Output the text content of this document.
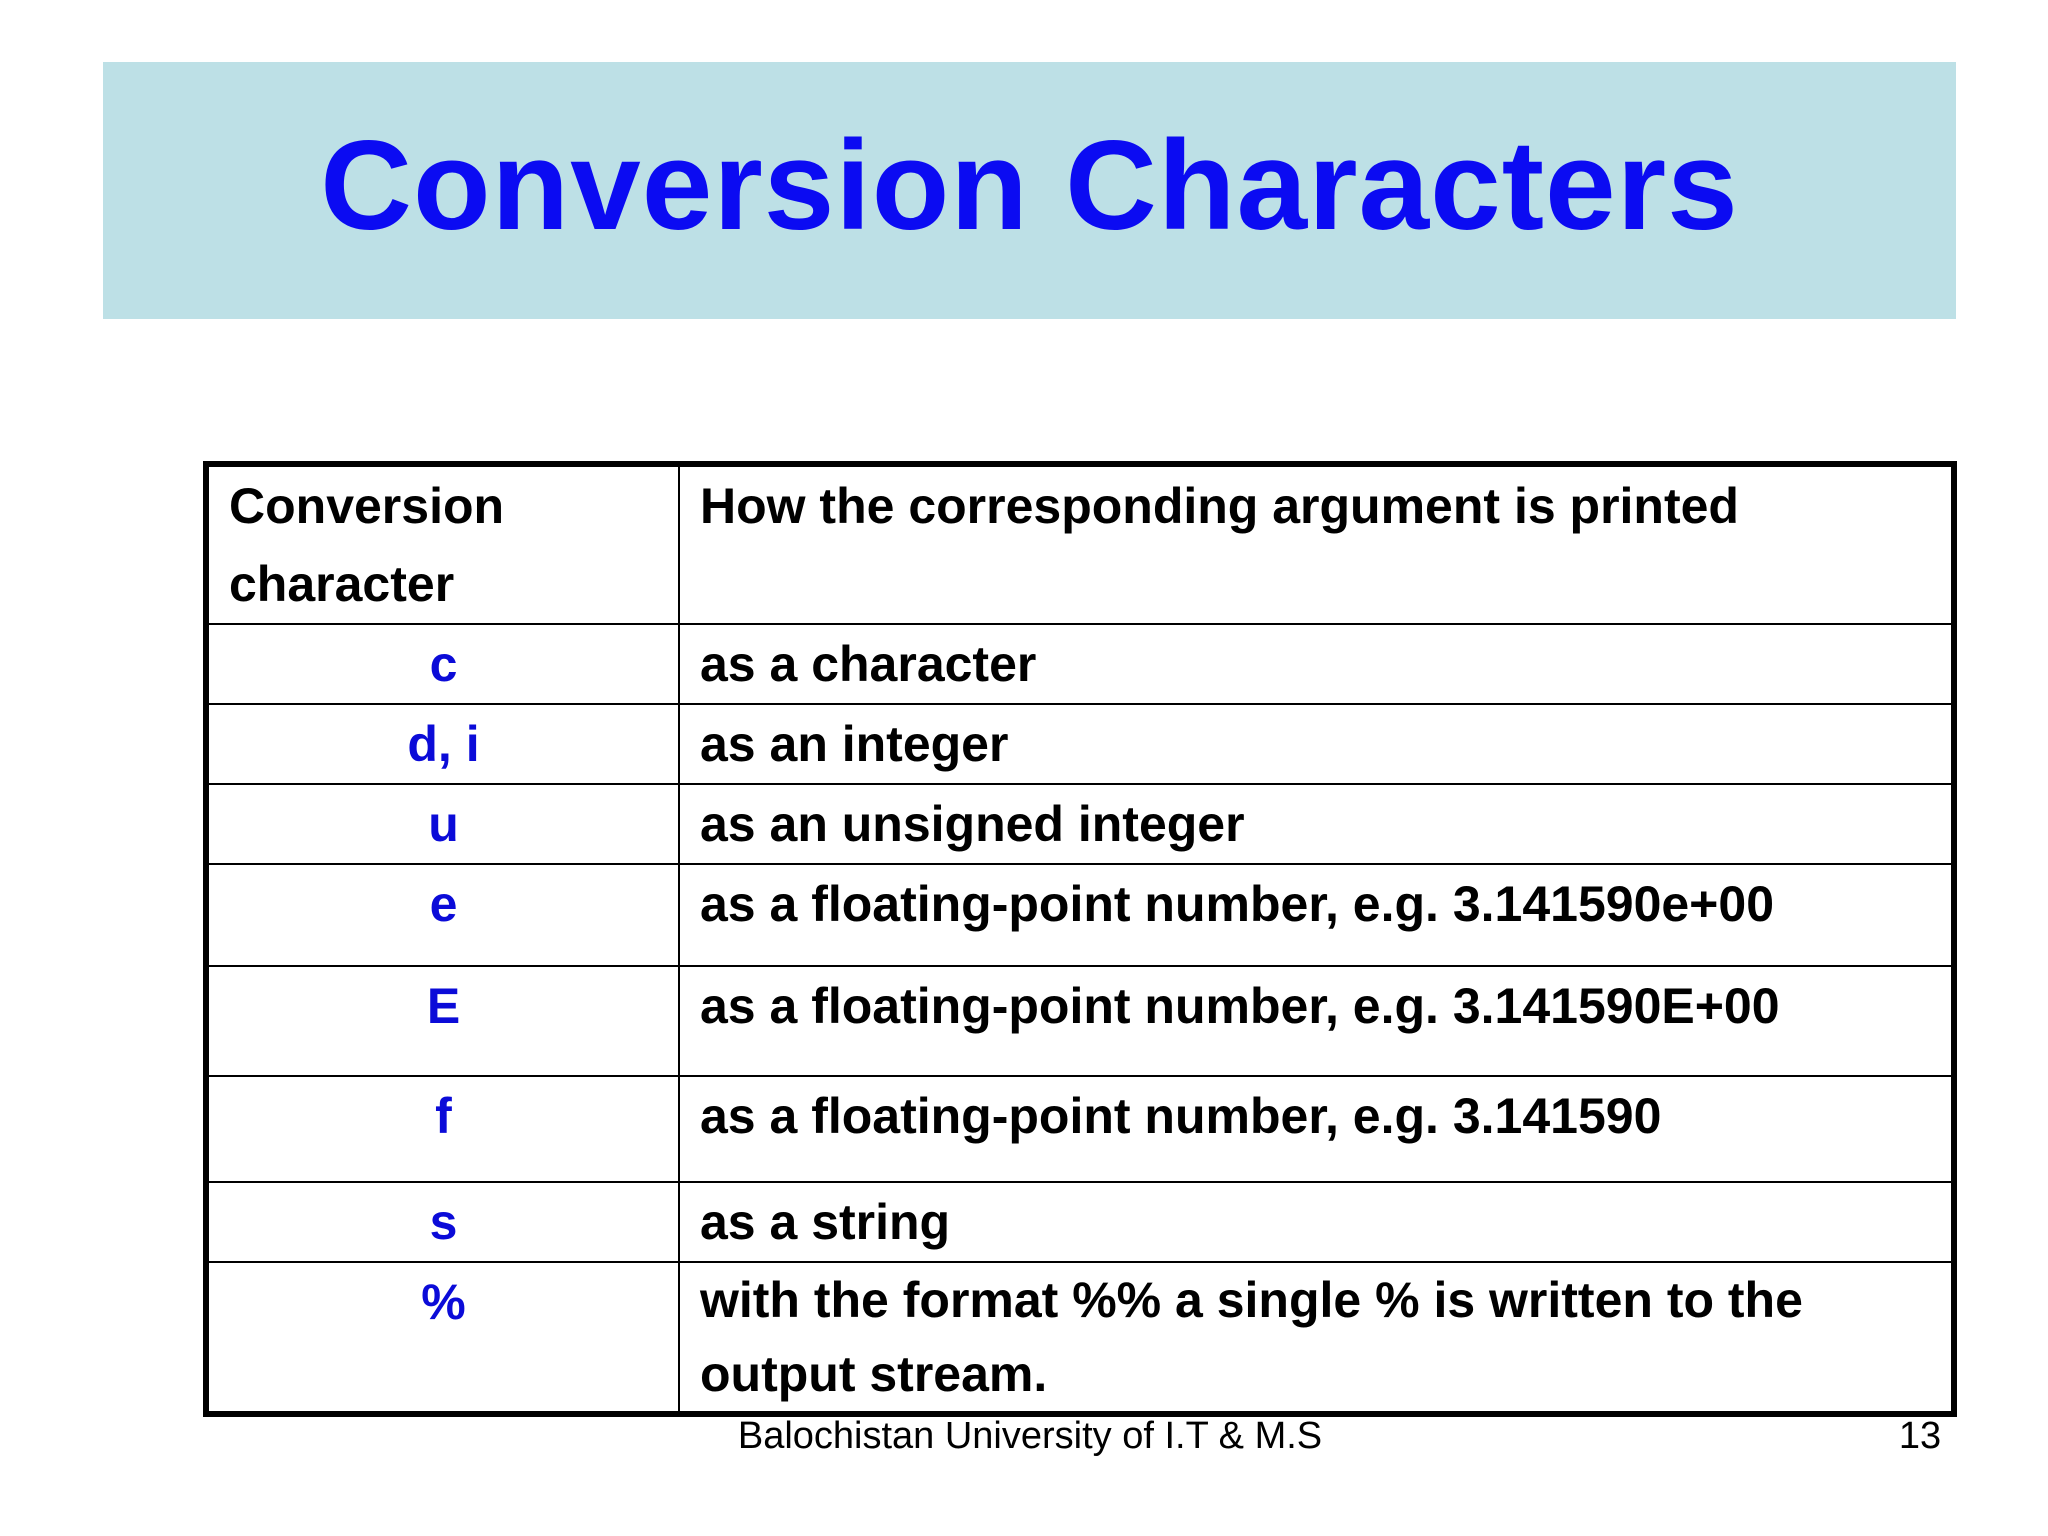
Conversion Characters
Conversion character	How the corresponding argument is printed
c	as a character
d, i	as an integer
u	as an unsigned integer
e	as a floating-point number, e.g. 3.141590e+00
E	as a floating-point number, e.g. 3.141590E+00
f	as a floating-point number, e.g. 3.141590
s	as a string
%	with the format %% a single % is written to the output stream.
Balochistan University of I.T & M.S	13
